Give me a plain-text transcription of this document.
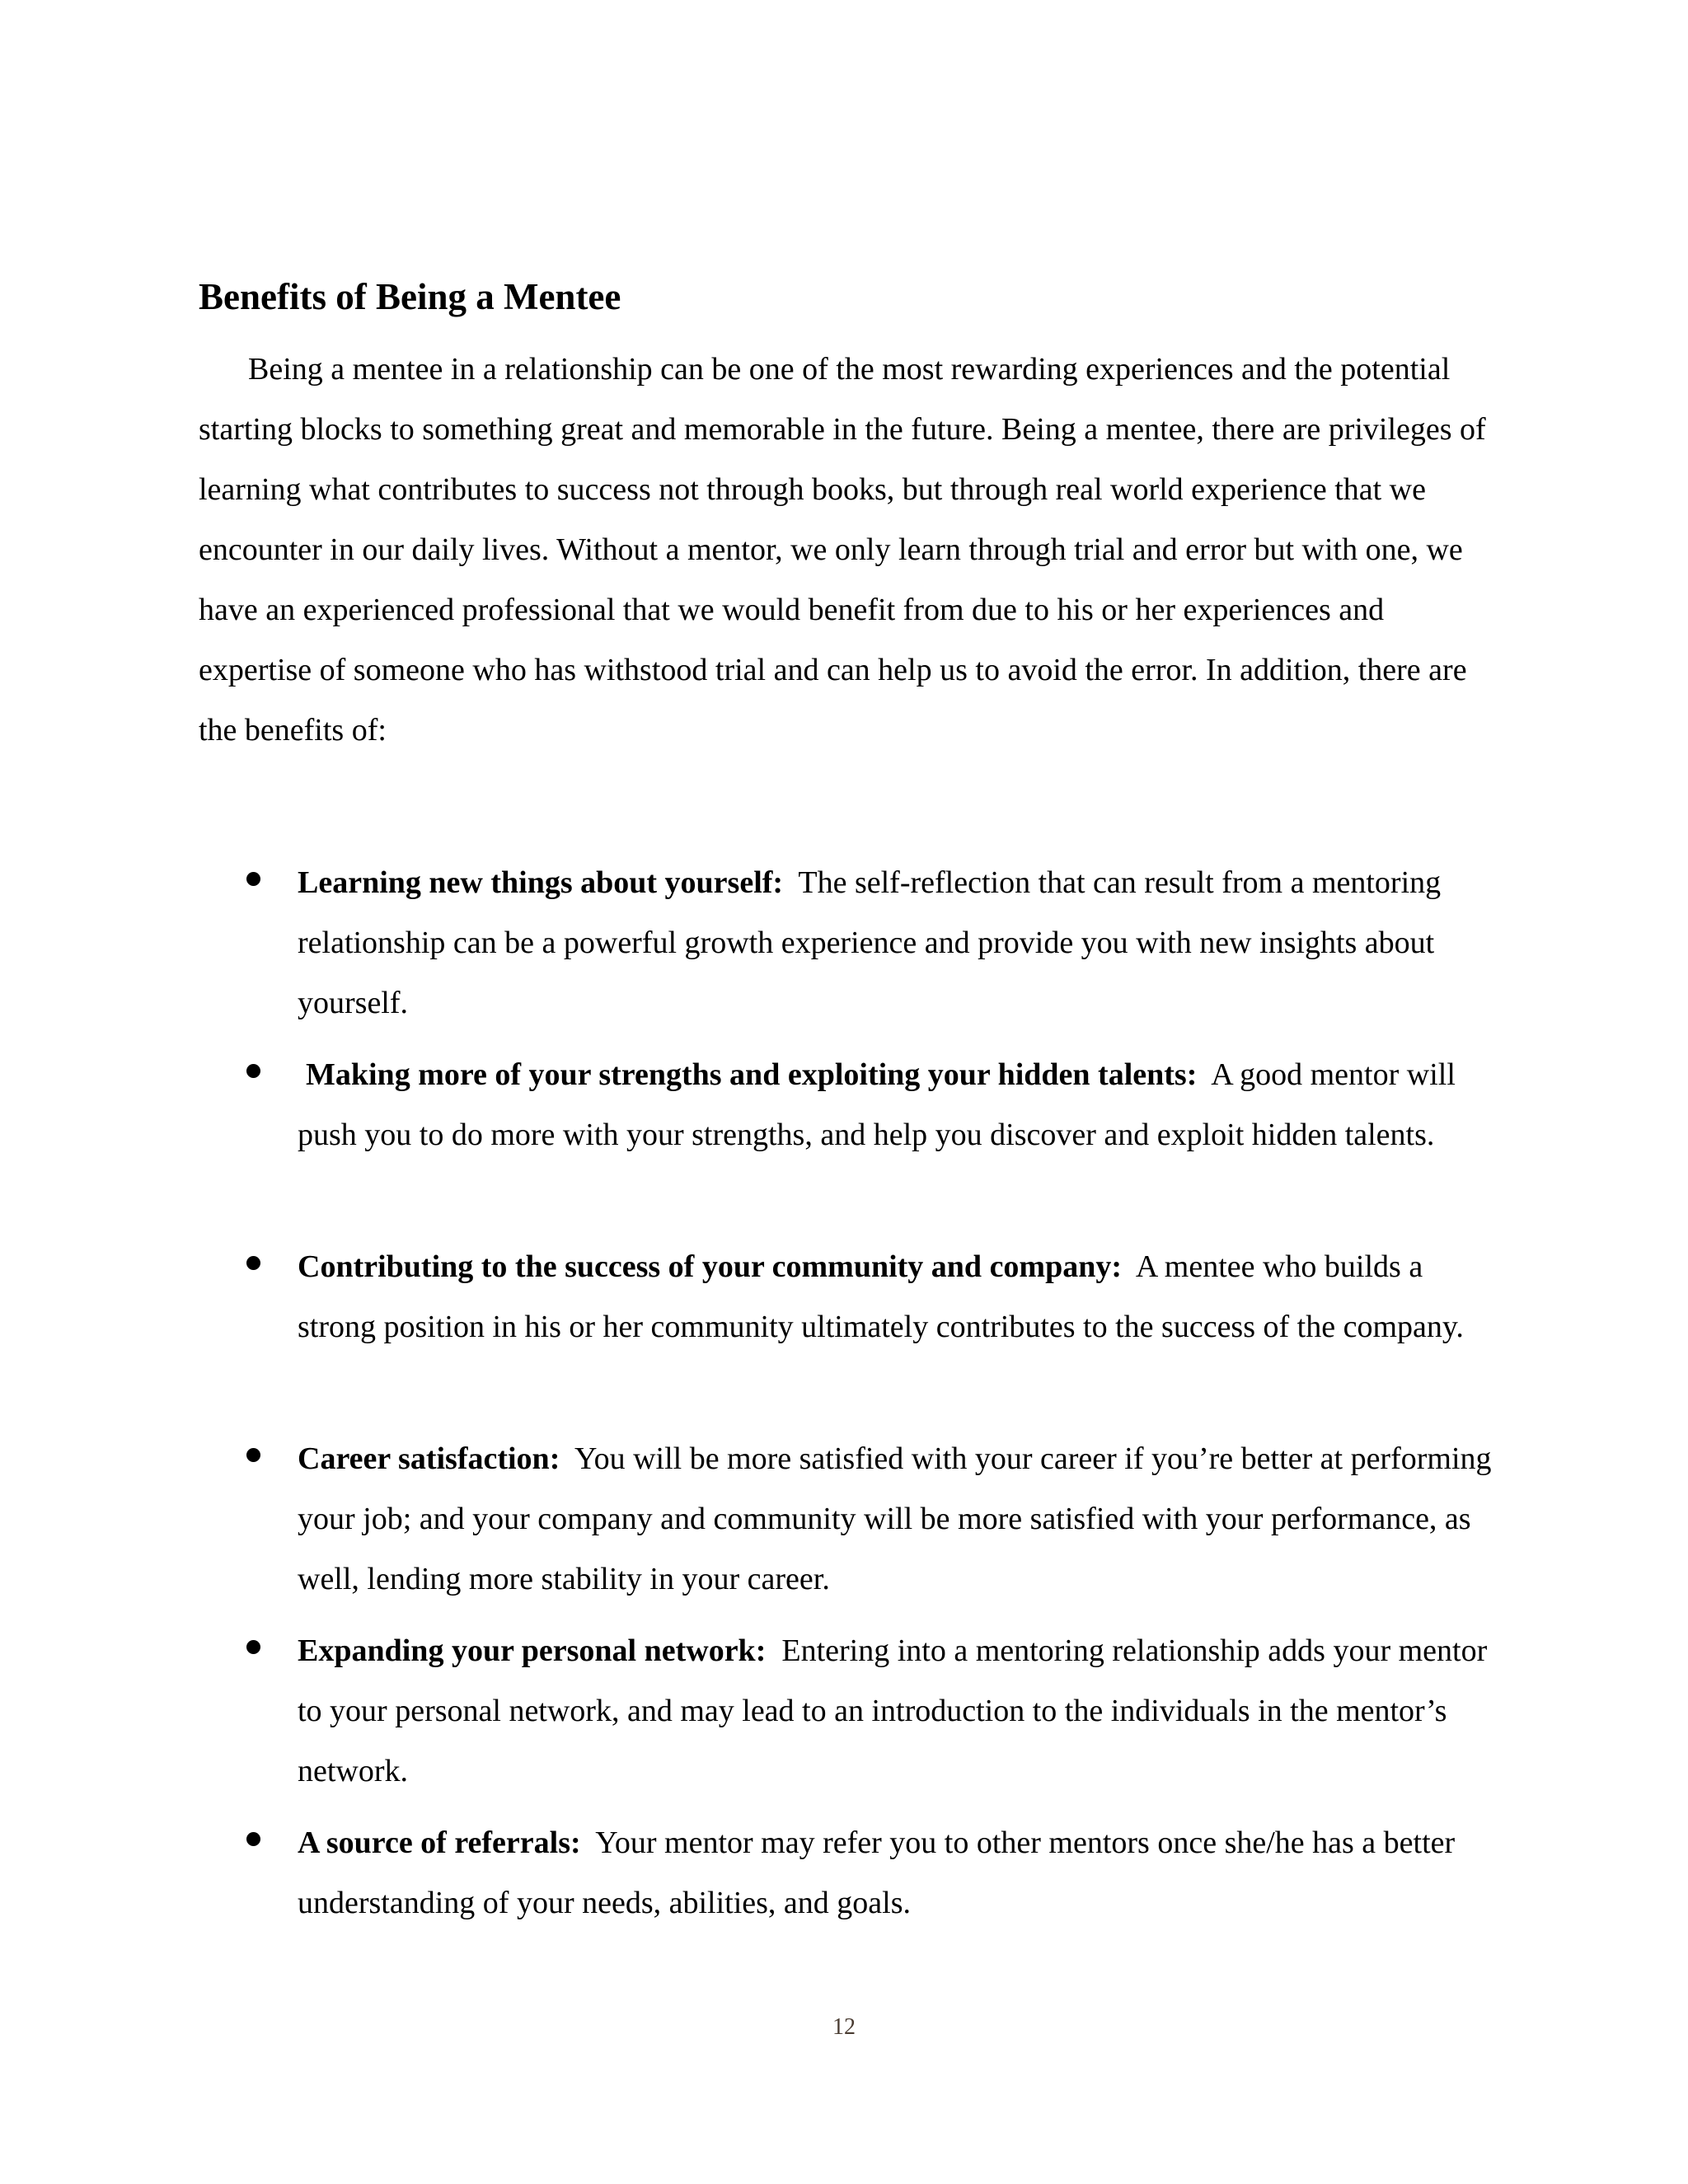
Benefits of Being a Mentee

Being a mentee in a relationship can be one of the most rewarding experiences and the potential starting blocks to something great and memorable in the future. Being a mentee, there are privileges of learning what contributes to success not through books, but through real world experience that we encounter in our daily lives. Without a mentor, we only learn through trial and error but with one, we have an experienced professional that we would benefit from due to his or her experiences and expertise of someone who has withstood trial and can help us to avoid the error. In addition, there are the benefits of:

Learning new things about yourself: The self-reflection that can result from a mentoring relationship can be a powerful growth experience and provide you with new insights about yourself.
Making more of your strengths and exploiting your hidden talents: A good mentor will push you to do more with your strengths, and help you discover and exploit hidden talents.
Contributing to the success of your community and company: A mentee who builds a strong position in his or her community ultimately contributes to the success of the company.
Career satisfaction: You will be more satisfied with your career if you’re better at performing your job; and your company and community will be more satisfied with your performance, as well, lending more stability in your career.
Expanding your personal network: Entering into a mentoring relationship adds your mentor to your personal network, and may lead to an introduction to the individuals in the mentor’s network.
A source of referrals: Your mentor may refer you to other mentors once she/he has a better understanding of your needs, abilities, and goals.
12
